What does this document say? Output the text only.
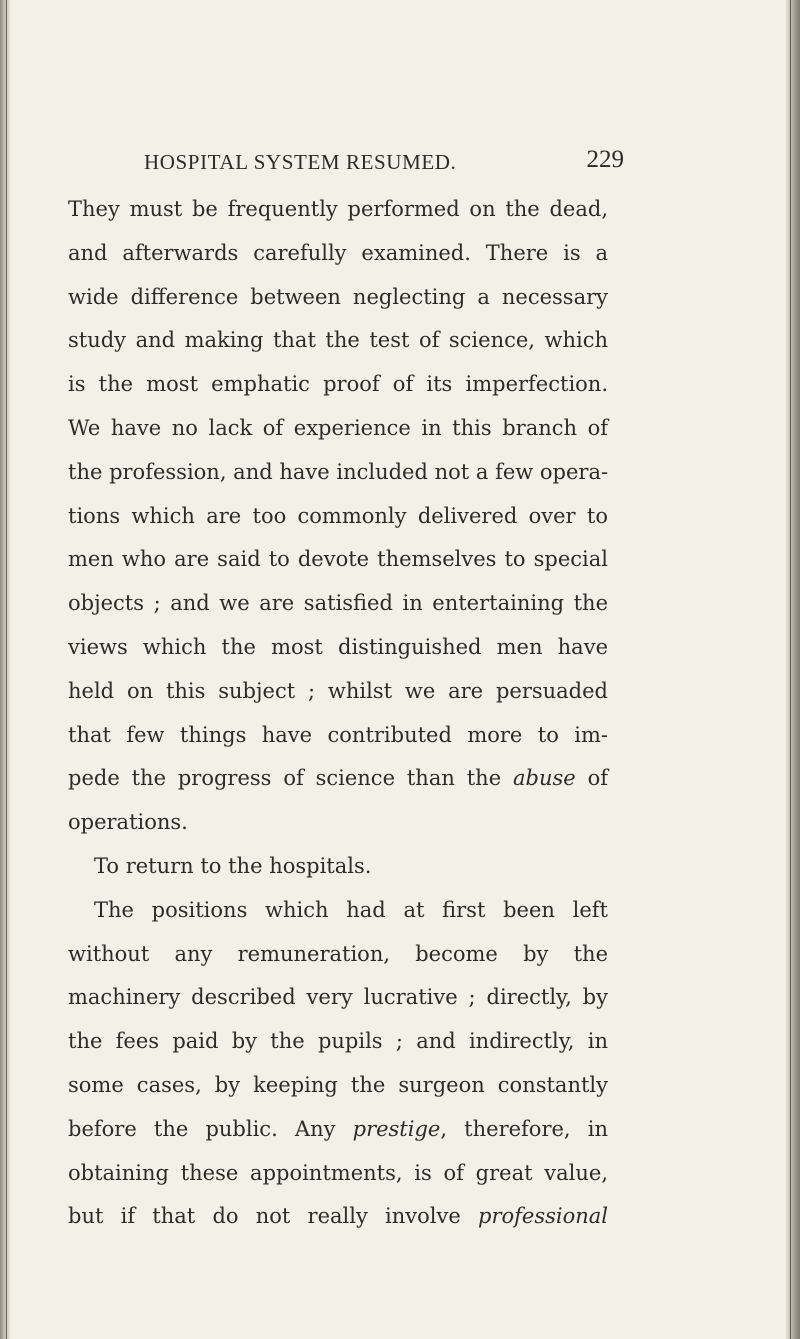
HOSPITAL SYSTEM RESUMED.	229
They must be frequently performed on the dead,
and afterwards carefully examined. There is a
wide difference between neglecting a necessary
study and making that the test of science, which
is the most emphatic proof of its imperfection.
We have no lack of experience in this branch of
the profession, and have included not a few opera-
tions which are too commonly delivered over to
men who are said to devote themselves to special
objects ; and we are satisfied in entertaining the
views which the most distinguished men have
held on this subject ; whilst we are persuaded
that few things have contributed more to im-
pede the progress of science than the abuse of
operations.
To return to the hospitals.
The positions which had at first been left
without any remuneration, become by the
machinery described very lucrative ; directly, by
the fees paid by the pupils ; and indirectly, in
some cases, by keeping the surgeon constantly
before the public. Any prestige, therefore, in
obtaining these appointments, is of great value,
but if that do not really involve professional
